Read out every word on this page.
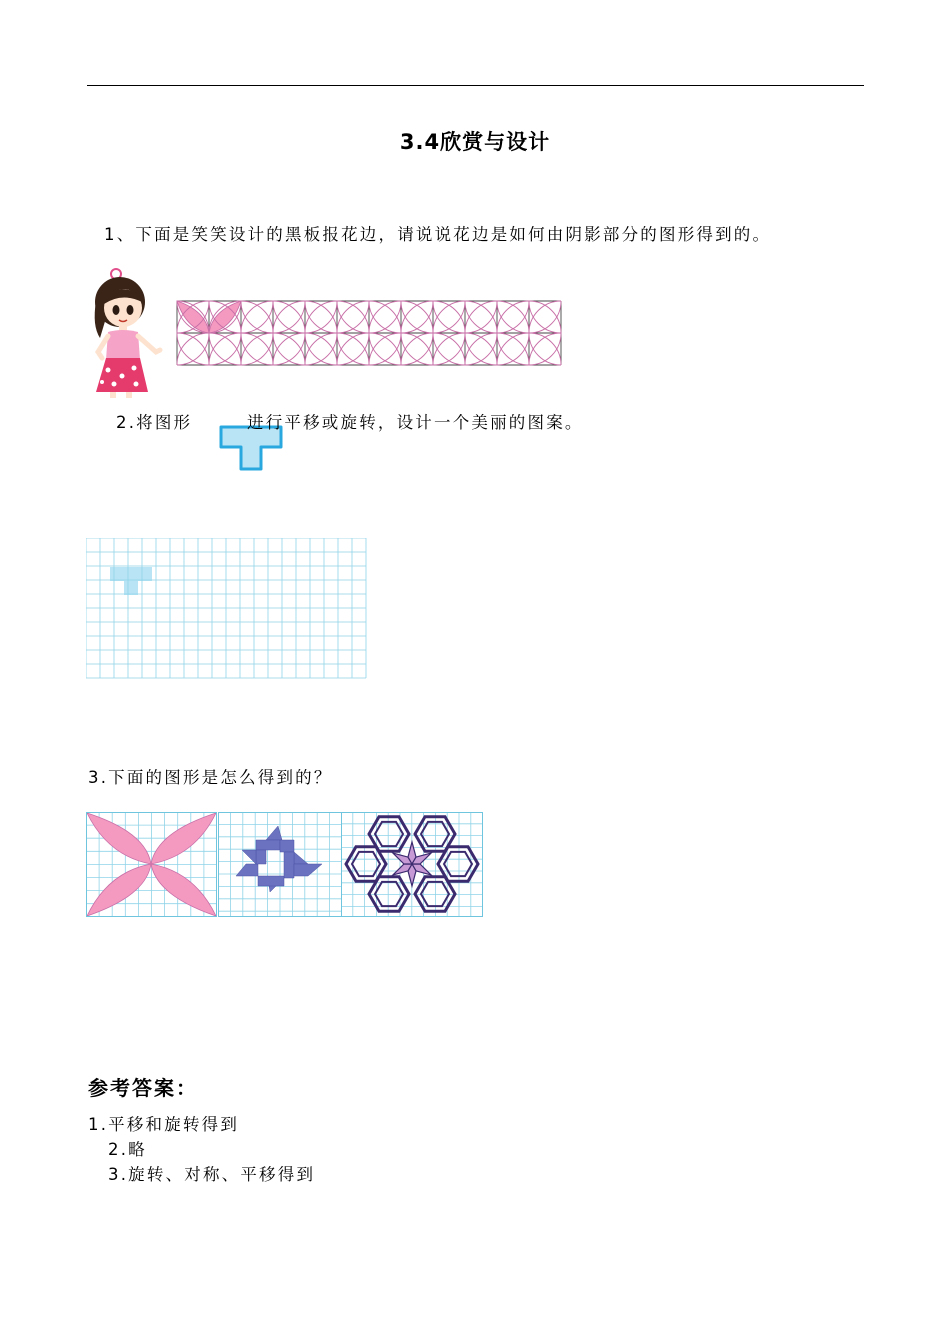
3.4欣赏与设计
1、下面是笑笑设计的黑板报花边，请说说花边是如何由阴影部分的图形得到的。
2.将图形	进行平移或旋转，设计一个美丽的图案。
3.下面的图形是怎么得到的？
参考答案：
1.平移和旋转得到
2.略
3.旋转、对称、平移得到
